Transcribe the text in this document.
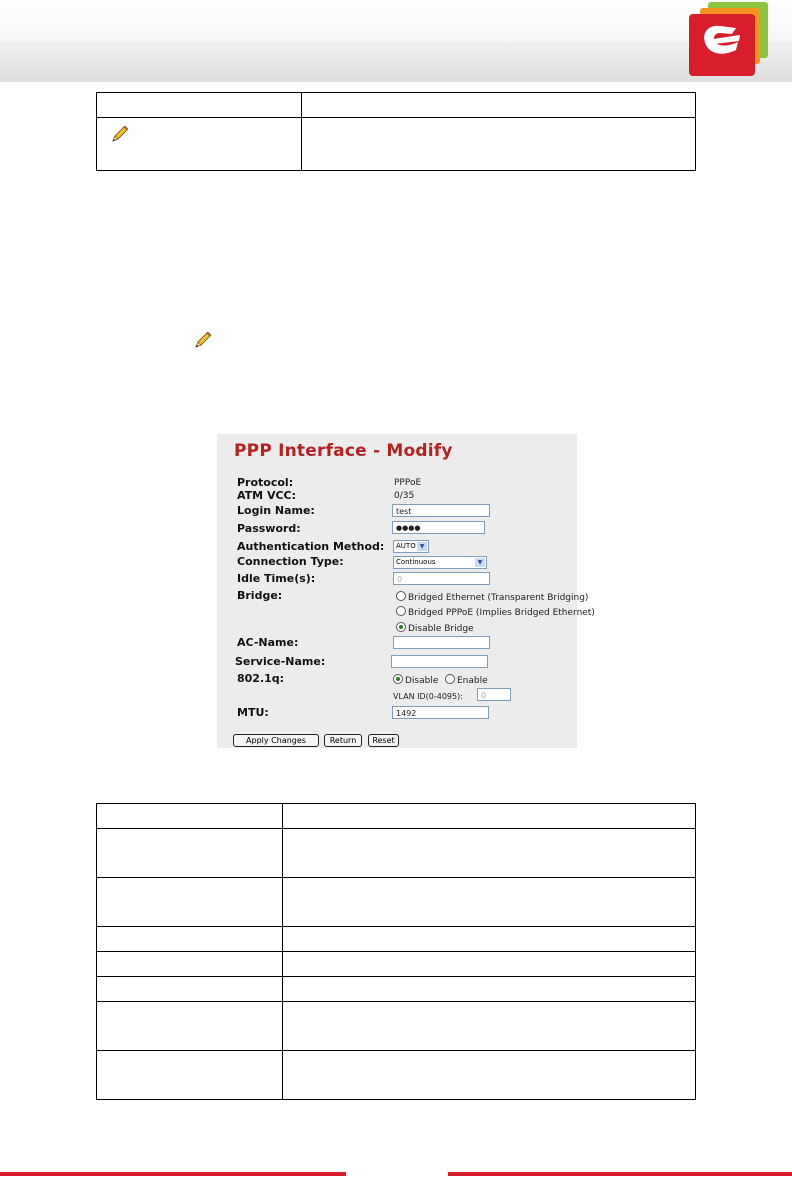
PPP Interface - Modify
Protocol:	PPPoE
ATM VCC:	0/35
Login Name:	test
Password:	●●●●
Authentication Method:	AUTO ▼
Connection Type:	Continuous	▼
Idle Time(s):	0
Bridge:	Bridged Ethernet (Transparent Bridging)
Bridged PPPoE (Implies Bridged Ethernet)
Disable Bridge
AC-Name:
Service-Name:
802.1q:	Disable	Enable
VLAN ID(0-4095):	0
MTU:	1492
Apply Changes	Return	Reset
